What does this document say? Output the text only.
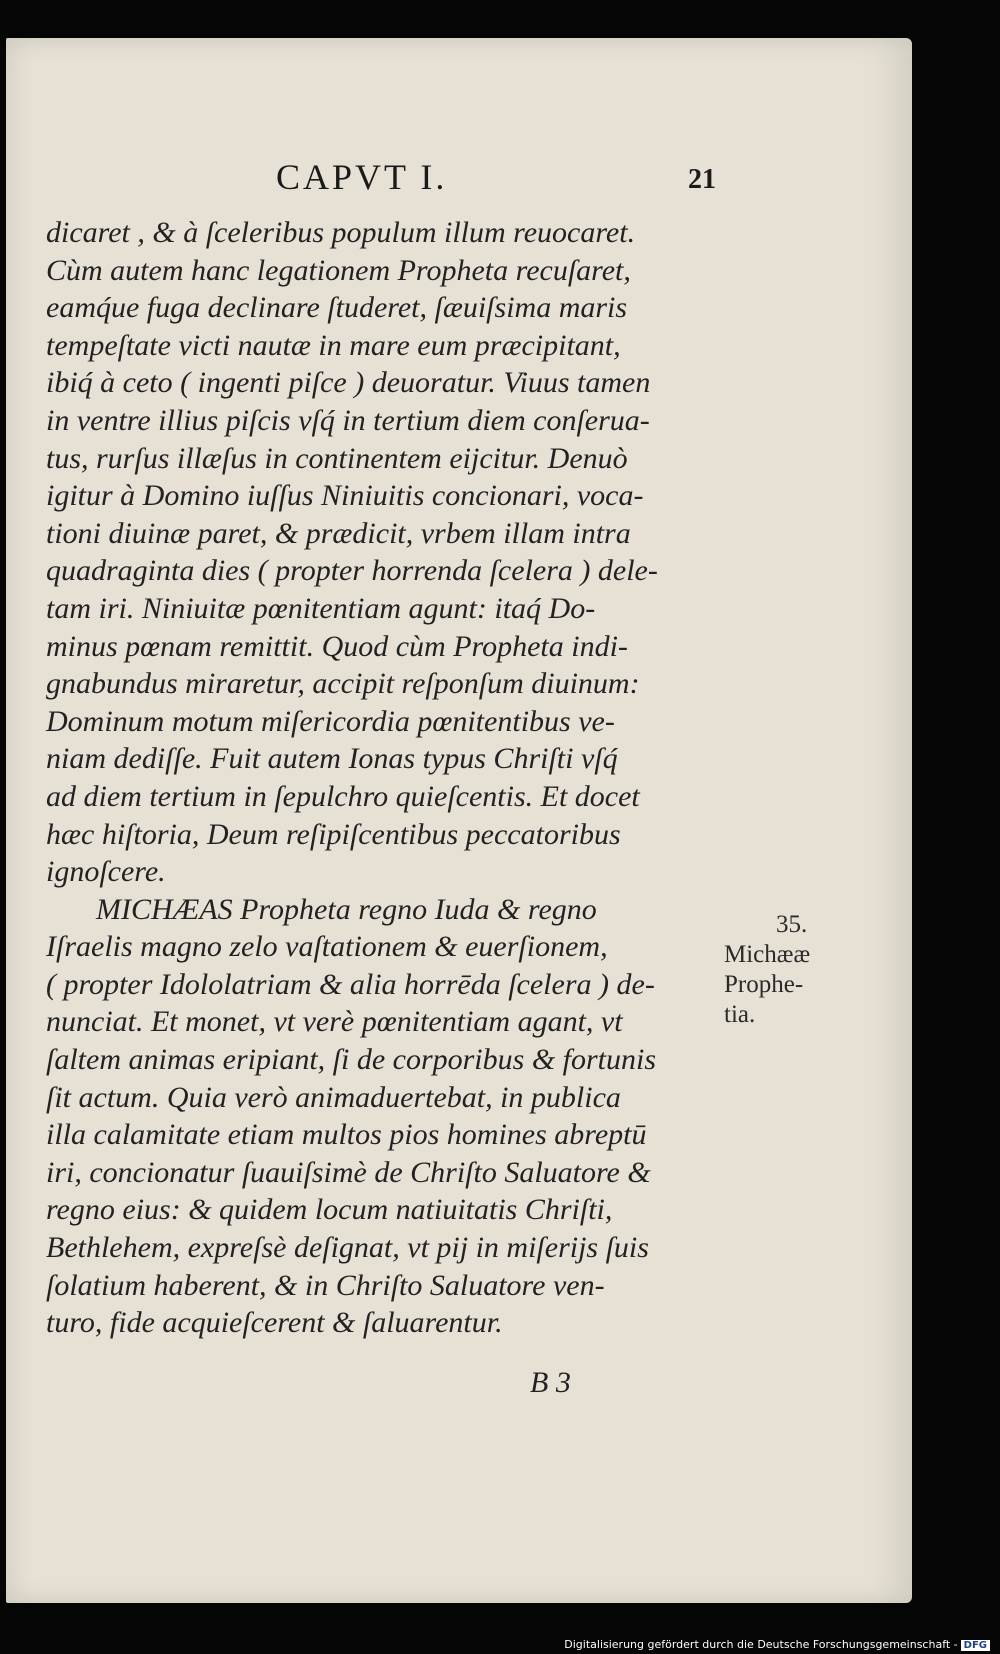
CAPVT I.	21
dicaret , & à ſceleribus populum illum reuocaret.
Cùm autem hanc legationem Propheta recuſaret,
eamq́ue fuga declinare ſtuderet, ſæuiſsima maris
tempeſtate victi nautæ in mare eum præcipitant,
ibiq́ à ceto ( ingenti piſce ) deuoratur. Viuus tamen
in ventre illius piſcis vſq́ in tertium diem conſerua-
tus, rurſus illæſus in continentem eijcitur. Denuò
igitur à Domino iuſſus Niniuitis concionari, voca-
tioni diuinæ paret, & prædicit, vrbem illam intra
quadraginta dies ( propter horrenda ſcelera ) dele-
tam iri. Niniuitæ pœnitentiam agunt: itaq́ Do-
minus pœnam remittit. Quod cùm Propheta indi-
gnabundus miraretur, accipit reſponſum diuinum:
Dominum motum miſericordia pœnitentibus ve-
niam dediſſe. Fuit autem Ionas typus Chriſti vſq́
ad diem tertium in ſepulchro quieſcentis. Et docet
hæc hiſtoria, Deum reſipiſcentibus peccatoribus
ignoſcere.
MICHÆAS Propheta regno Iuda & regno
Iſraelis magno zelo vaſtationem & euerſionem,
( propter Idololatriam & alia horrēda ſcelera ) de-
nunciat. Et monet, vt verè pœnitentiam agant, vt
ſaltem animas eripiant, ſi de corporibus & fortunis
ſit actum. Quia verò animaduertebat, in publica
illa calamitate etiam multos pios homines abreptū
iri, concionatur ſuauiſsimè de Chriſto Saluatore &
regno eius: & quidem locum natiuitatis Chriſti,
Bethlehem, expreſsè deſignat, vt pij in miſerijs ſuis
ſolatium haberent, & in Chriſto Saluatore ven-
turo, fide acquieſcerent & ſaluarentur.
35.
Michææ
Prophe-
tia.
B 3
Digitalisierung gefördert durch die Deutsche Forschungsgemeinschaft - DFG
